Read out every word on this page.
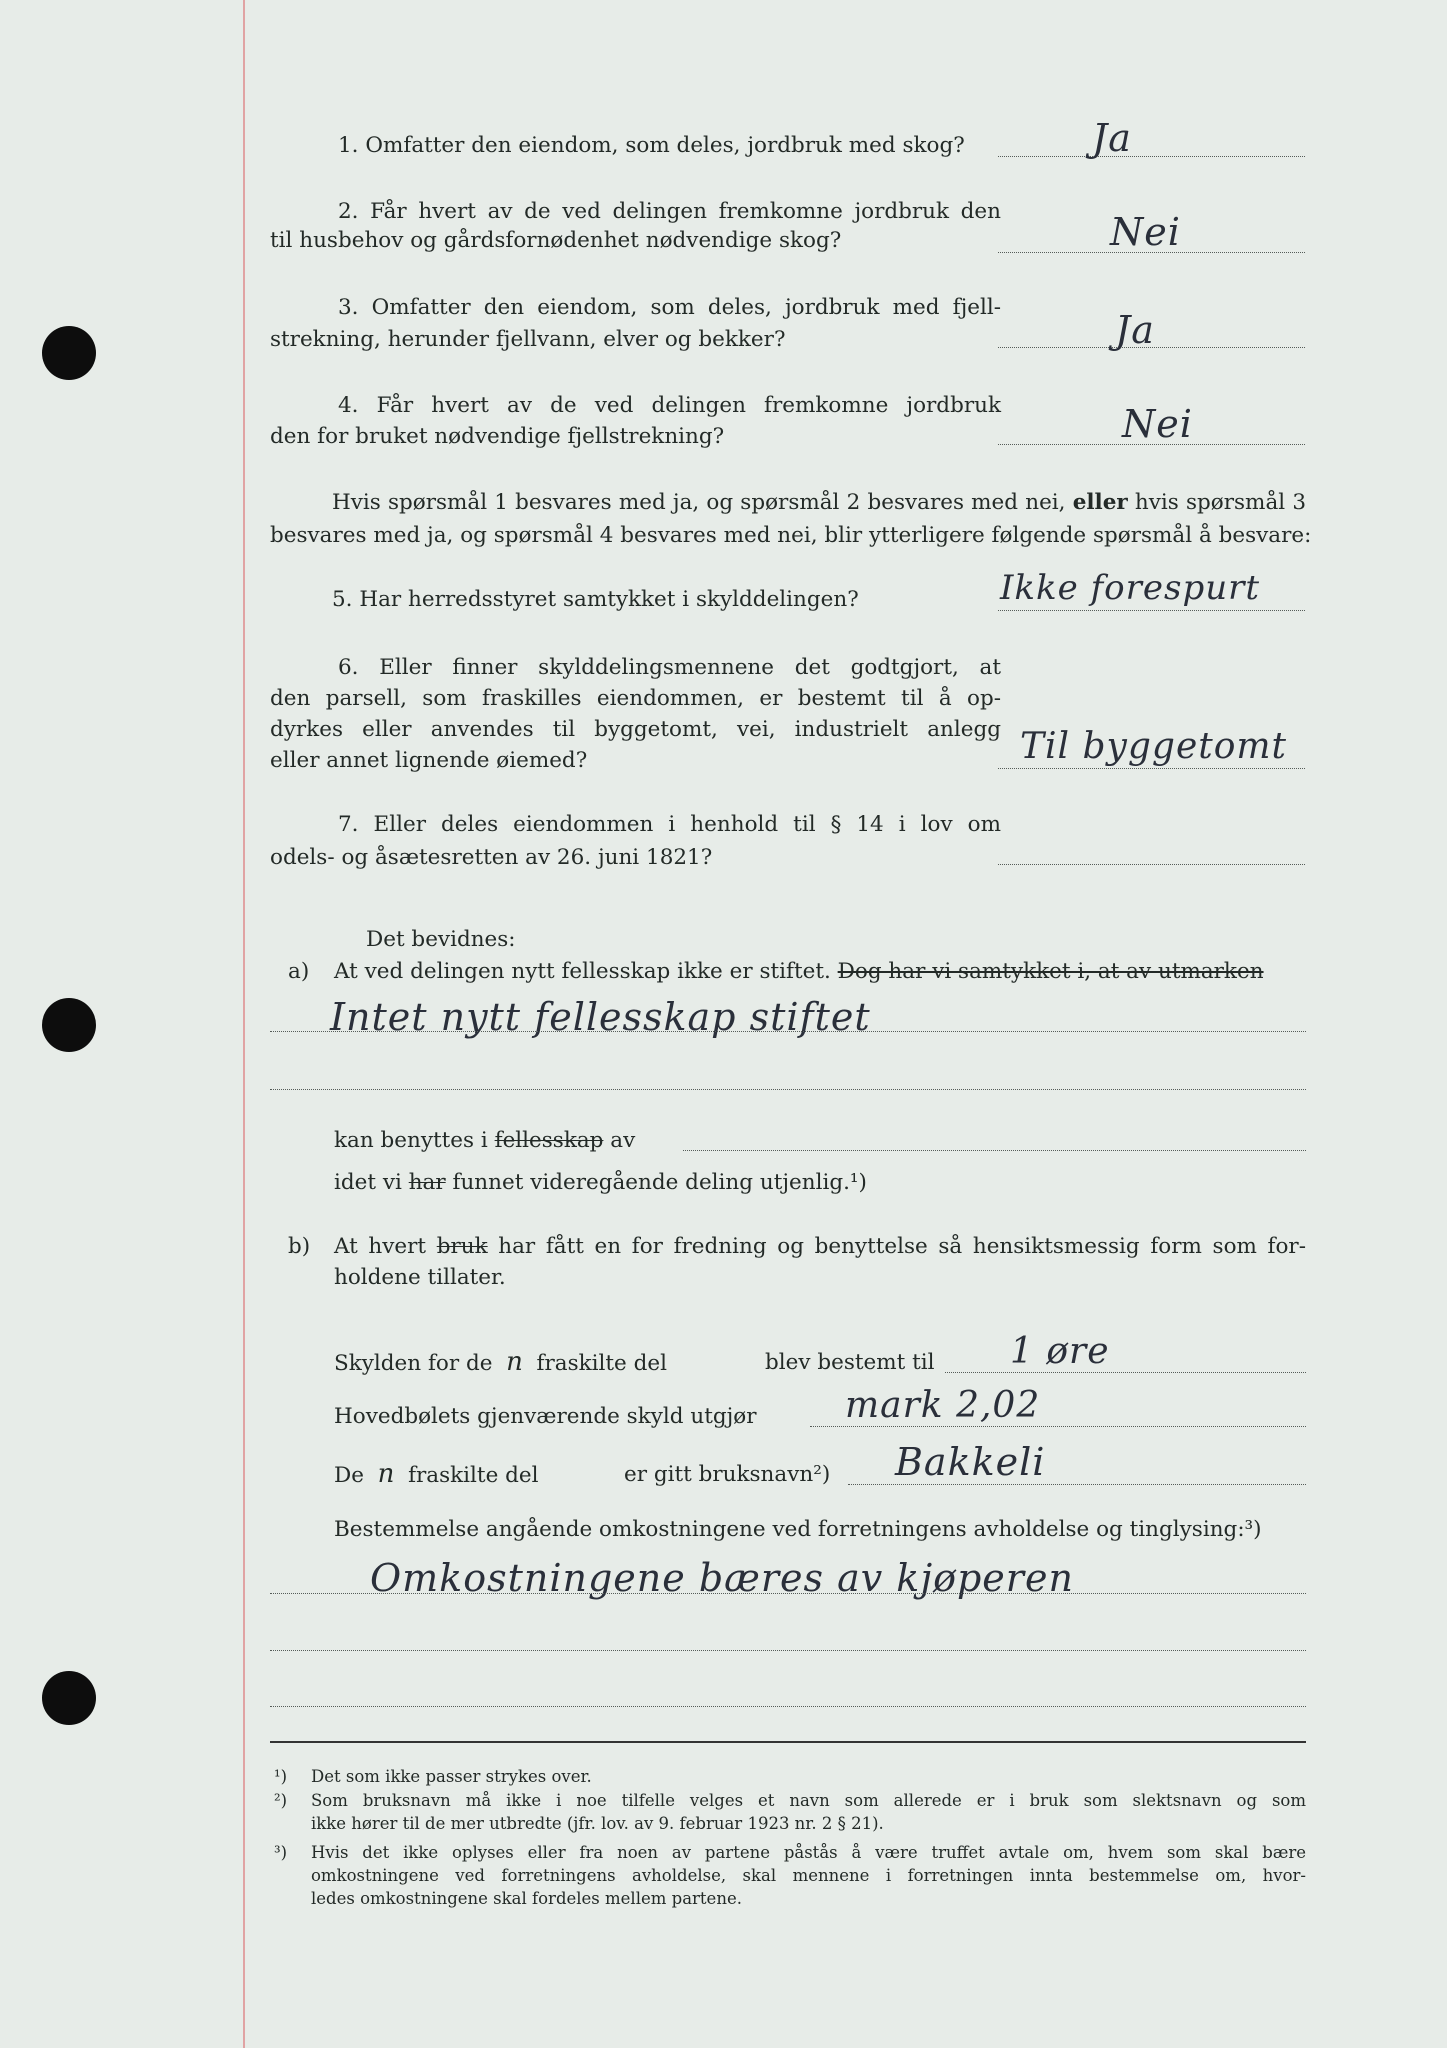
1. Omfatter den eiendom, som deles, jordbruk med skog?	Ja
2. Får hvert av de ved delingen fremkomne jordbruk den
til husbehov og gårdsfornødenhet nødvendige skog?	Nei
3. Omfatter den eiendom, som deles, jordbruk med fjell-
strekning, herunder fjellvann, elver og bekker?	Ja
4. Får hvert av de ved delingen fremkomne jordbruk
den for bruket nødvendige fjellstrekning?	Nei
Hvis spørsmål 1 besvares med ja, og spørsmål 2 besvares med nei, eller hvis spørsmål 3
besvares med ja, og spørsmål 4 besvares med nei, blir ytterligere følgende spørsmål å besvare:
5. Har herredsstyret samtykket i skylddelingen?	Ikke forespurt
6. Eller finner skylddelingsmennene det godtgjort, at
den parsell, som fraskilles eiendommen, er bestemt til å op-
dyrkes eller anvendes til byggetomt, vei, industrielt anlegg
eller annet lignende øiemed?	Til byggetomt
7. Eller deles eiendommen i henhold til § 14 i lov om
odels- og åsætesretten av 26. juni 1821?
Det bevidnes:
a) At ved delingen nytt fellesskap ikke er stiftet. Dog har vi samtykket i, at av utmarken
Intet nytt fellesskap stiftet
kan benyttes i fellesskap av
idet vi har funnet videregående deling utjenlig.¹)
b) At hvert bruk har fått en for fredning og benyttelse så hensiktsmessig form som for-
holdene tillater.
Skylden for de n fraskilte del	blev bestemt til 1 øre
Hovedbølets gjenværende skyld utgjør mark 2,02
De n fraskilte del	er gitt bruksnavn²) Bakkeli
Bestemmelse angående omkostningene ved forretningens avholdelse og tinglysing:³)
Omkostningene bæres av kjøperen
¹) Det som ikke passer strykes over.
²) Som bruksnavn må ikke i noe tilfelle velges et navn som allerede er i bruk som slektsnavn og som
ikke hører til de mer utbredte (jfr. lov. av 9. februar 1923 nr. 2 § 21).
³) Hvis det ikke oplyses eller fra noen av partene påstås å være truffet avtale om, hvem som skal bære
omkostningene ved forretningens avholdelse, skal mennene i forretningen innta bestemmelse om, hvor-
ledes omkostningene skal fordeles mellem partene.
